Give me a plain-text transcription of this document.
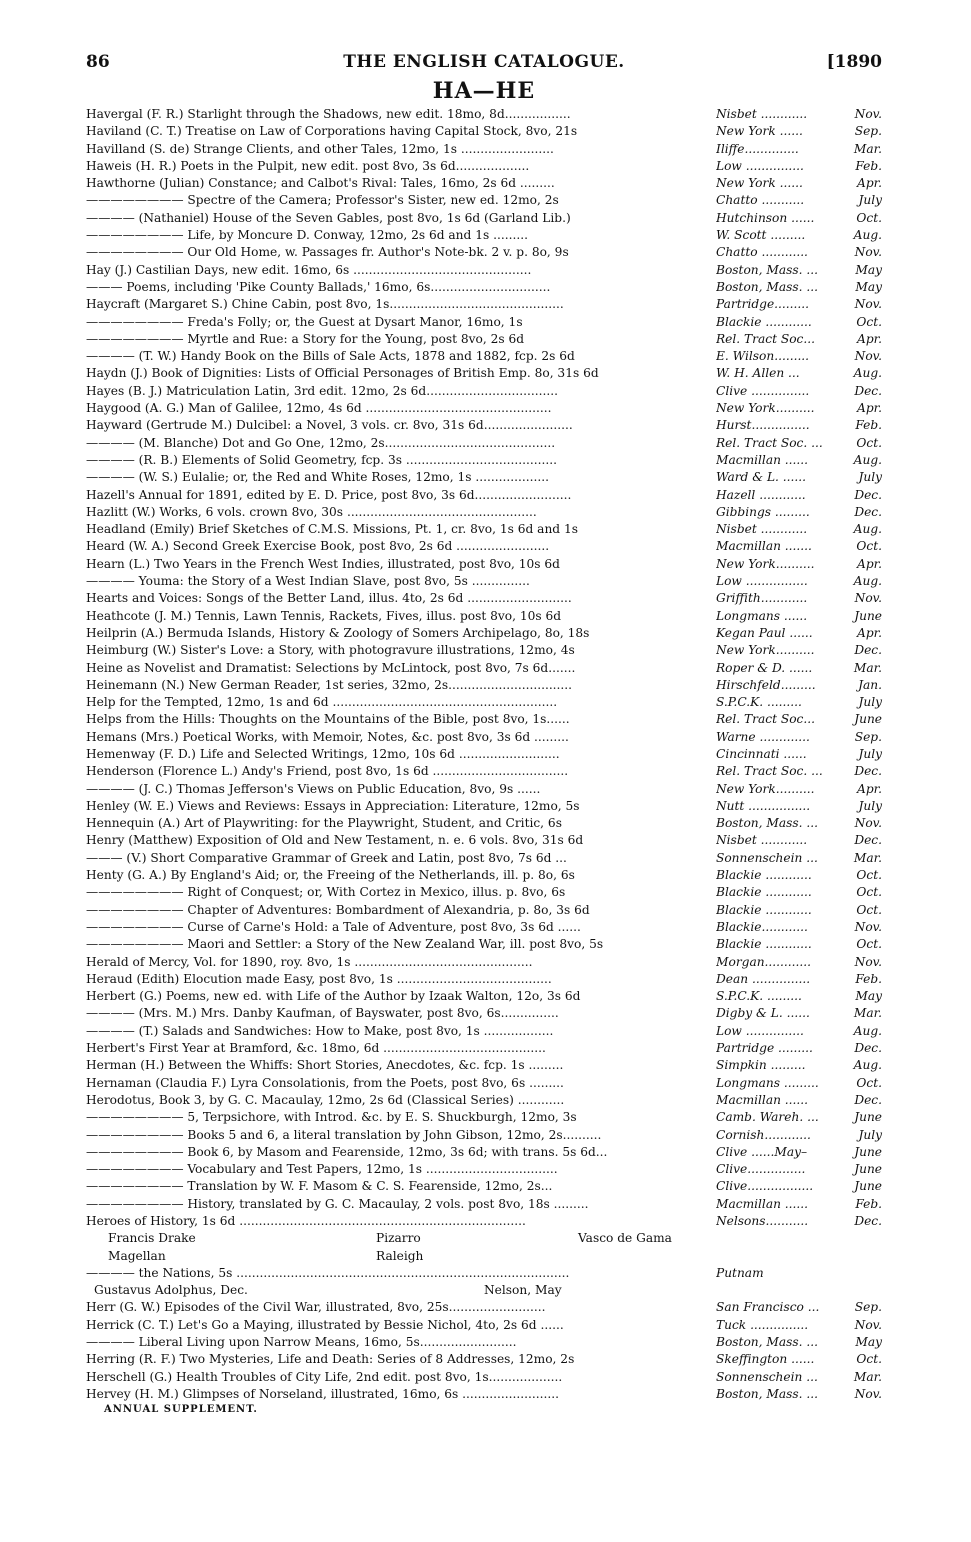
86	THE ENGLISH CATALOGUE.	[1890
HA—HE
Havergal (F. R.) Starlight through the Shadows, new edit. 18mo, 8d.................	Nisbet ............	Nov.
Haviland (C. T.) Treatise on Law of Corporations having Capital Stock, 8vo, 21s	New York ......	Sep.
Havilland (S. de) Strange Clients, and other Tales, 12mo, 1s ........................	Iliffe..............	Mar.
Haweis (H. R.) Poets in the Pulpit, new edit. post 8vo, 3s 6d...................	Low ...............	Feb.
Hawthorne (Julian) Constance; and Calbot's Rival: Tales, 16mo, 2s 6d .........	New York ......	Apr.
———————— Spectre of the Camera; Professor's Sister, new ed. 12mo, 2s	Chatto ...........	July
———— (Nathaniel) House of the Seven Gables, post 8vo, 1s 6d (Garland Lib.)	Hutchinson ......	Oct.
———————— Life, by Moncure D. Conway, 12mo, 2s 6d and 1s .........	W. Scott .........	Aug.
———————— Our Old Home, w. Passages fr. Author's Note-bk. 2 v. p. 8o, 9s	Chatto ............	Nov.
Hay (J.) Castilian Days, new edit. 16mo, 6s ..............................................	Boston, Mass. ...	May
——— Poems, including 'Pike County Ballads,' 16mo, 6s...............................	Boston, Mass. ...	May
Haycraft (Margaret S.) Chine Cabin, post 8vo, 1s.............................................	Partridge.........	Nov.
———————— Freda's Folly; or, the Guest at Dysart Manor, 16mo, 1s	Blackie ............	Oct.
———————— Myrtle and Rue: a Story for the Young, post 8vo, 2s 6d	Rel. Tract Soc...	Apr.
———— (T. W.) Handy Book on the Bills of Sale Acts, 1878 and 1882, fcp. 2s 6d	E. Wilson.........	Nov.
Haydn (J.) Book of Dignities: Lists of Official Personages of British Emp. 8o, 31s 6d	W. H. Allen ...	Aug.
Hayes (B. J.) Matriculation Latin, 3rd edit. 12mo, 2s 6d..................................	Clive ...............	Dec.
Haygood (A. G.) Man of Galilee, 12mo, 4s 6d ................................................	New York..........	Apr.
Hayward (Gertrude M.) Dulcibel: a Novel, 3 vols. cr. 8vo, 31s 6d.......................	Hurst...............	Feb.
———— (M. Blanche) Dot and Go One, 12mo, 2s............................................	Rel. Tract Soc. ...	Oct.
———— (R. B.) Elements of Solid Geometry, fcp. 3s .......................................	Macmillan ......	Aug.
———— (W. S.) Eulalie; or, the Red and White Roses, 12mo, 1s ...................	Ward & L. ......	July
Hazell's Annual for 1891, edited by E. D. Price, post 8vo, 3s 6d.........................	Hazell ............	Dec.
Hazlitt (W.) Works, 6 vols. crown 8vo, 30s .................................................	Gibbings .........	Dec.
Headland (Emily) Brief Sketches of C.M.S. Missions, Pt. 1, cr. 8vo, 1s 6d and 1s	Nisbet ............	Aug.
Heard (W. A.) Second Greek Exercise Book, post 8vo, 2s 6d ........................	Macmillan .......	Oct.
Hearn (L.) Two Years in the French West Indies, illustrated, post 8vo, 10s 6d	New York..........	Apr.
———— Youma: the Story of a West Indian Slave, post 8vo, 5s ...............	Low ................	Aug.
Hearts and Voices: Songs of the Better Land, illus. 4to, 2s 6d ...........................	Griffith............	Nov.
Heathcote (J. M.) Tennis, Lawn Tennis, Rackets, Fives, illus. post 8vo, 10s 6d	Longmans ......	June
Heilprin (A.) Bermuda Islands, History & Zoology of Somers Archipelago, 8o, 18s	Kegan Paul ......	Apr.
Heimburg (W.) Sister's Love: a Story, with photogravure illustrations, 12mo, 4s	New York..........	Dec.
Heine as Novelist and Dramatist: Selections by McLintock, post 8vo, 7s 6d.......	Roper & D. ......	Mar.
Heinemann (N.) New German Reader, 1st series, 32mo, 2s................................	Hirschfeld.........	Jan.
Help for the Tempted, 12mo, 1s and 6d ..........................................................	S.P.C.K. .........	July
Helps from the Hills: Thoughts on the Mountains of the Bible, post 8vo, 1s......	Rel. Tract Soc...	June
Hemans (Mrs.) Poetical Works, with Memoir, Notes, &c. post 8vo, 3s 6d .........	Warne .............	Sep.
Hemenway (F. D.) Life and Selected Writings, 12mo, 10s 6d ..........................	Cincinnati ......	July
Henderson (Florence L.) Andy's Friend, post 8vo, 1s 6d ...................................	Rel. Tract Soc. ...	Dec.
———— (J. C.) Thomas Jefferson's Views on Public Education, 8vo, 9s ......	New York..........	Apr.
Henley (W. E.) Views and Reviews: Essays in Appreciation: Literature, 12mo, 5s	Nutt ................	July
Hennequin (A.) Art of Playwriting: for the Playwright, Student, and Critic, 6s	Boston, Mass. ...	Nov.
Henry (Matthew) Exposition of Old and New Testament, n. e. 6 vols. 8vo, 31s 6d	Nisbet ............	Dec.
——— (V.) Short Comparative Grammar of Greek and Latin, post 8vo, 7s 6d ...	Sonnenschein ...	Mar.
Henty (G. A.) By England's Aid; or, the Freeing of the Netherlands, ill. p. 8o, 6s	Blackie ............	Oct.
———————— Right of Conquest; or, With Cortez in Mexico, illus. p. 8vo, 6s	Blackie ............	Oct.
———————— Chapter of Adventures: Bombardment of Alexandria, p. 8o, 3s 6d	Blackie ............	Oct.
———————— Curse of Carne's Hold: a Tale of Adventure, post 8vo, 3s 6d ......	Blackie............	Nov.
———————— Maori and Settler: a Story of the New Zealand War, ill. post 8vo, 5s	Blackie ............	Oct.
Herald of Mercy, Vol. for 1890, roy. 8vo, 1s ..............................................	Morgan............	Nov.
Heraud (Edith) Elocution made Easy, post 8vo, 1s ........................................	Dean ...............	Feb.
Herbert (G.) Poems, new ed. with Life of the Author by Izaak Walton, 12o, 3s 6d	S.P.C.K. .........	May
———— (Mrs. M.) Mrs. Danby Kaufman, of Bayswater, post 8vo, 6s...............	Digby & L. ......	Mar.
———— (T.) Salads and Sandwiches: How to Make, post 8vo, 1s ..................	Low ...............	Aug.
Herbert's First Year at Bramford, &c. 18mo, 6d ..........................................	Partridge .........	Dec.
Herman (H.) Between the Whiffs: Short Stories, Anecdotes, &c. fcp. 1s .........	Simpkin .........	Aug.
Hernaman (Claudia F.) Lyra Consolationis, from the Poets, post 8vo, 6s .........	Longmans .........	Oct.
Herodotus, Book 3, by G. C. Macaulay, 12mo, 2s 6d (Classical Series) ............	Macmillan ......	Dec.
———————— 5, Terpsichore, with Introd. &c. by E. S. Shuckburgh, 12mo, 3s	Camb. Wareh. ...	June
———————— Books 5 and 6, a literal translation by John Gibson, 12mo, 2s..........	Cornish............	July
———————— Book 6, by Masom and Fearenside, 12mo, 3s 6d; with trans. 5s 6d...	Clive ......May–	June
———————— Vocabulary and Test Papers, 12mo, 1s ..................................	Clive...............	June
———————— Translation by W. F. Masom & C. S. Fearenside, 12mo, 2s...	Clive.................	June
———————— History, translated by G. C. Macaulay, 2 vols. post 8vo, 18s .........	Macmillan ......	Feb.
Heroes of History, 1s 6d ..........................................................................	Nelsons...........	Dec.
Francis Drake	Pizarro	Vasco de Gama
Magellan	Raleigh
———— the Nations, 5s ......................................................................................	Putnam
Gustavus Adolphus, Dec.	Nelson, May
Herr (G. W.) Episodes of the Civil War, illustrated, 8vo, 25s.........................	San Francisco ...	Sep.
Herrick (C. T.) Let's Go a Maying, illustrated by Bessie Nichol, 4to, 2s 6d ......	Tuck ...............	Nov.
———— Liberal Living upon Narrow Means, 16mo, 5s.........................	Boston, Mass. ...	May
Herring (R. F.) Two Mysteries, Life and Death: Series of 8 Addresses, 12mo, 2s	Skeffington ......	Oct.
Herschell (G.) Health Troubles of City Life, 2nd edit. post 8vo, 1s...................	Sonnenschein ...	Mar.
Hervey (H. M.) Glimpses of Norseland, illustrated, 16mo, 6s .........................	Boston, Mass. ...	Nov.
ANNUAL SUPPLEMENT.
